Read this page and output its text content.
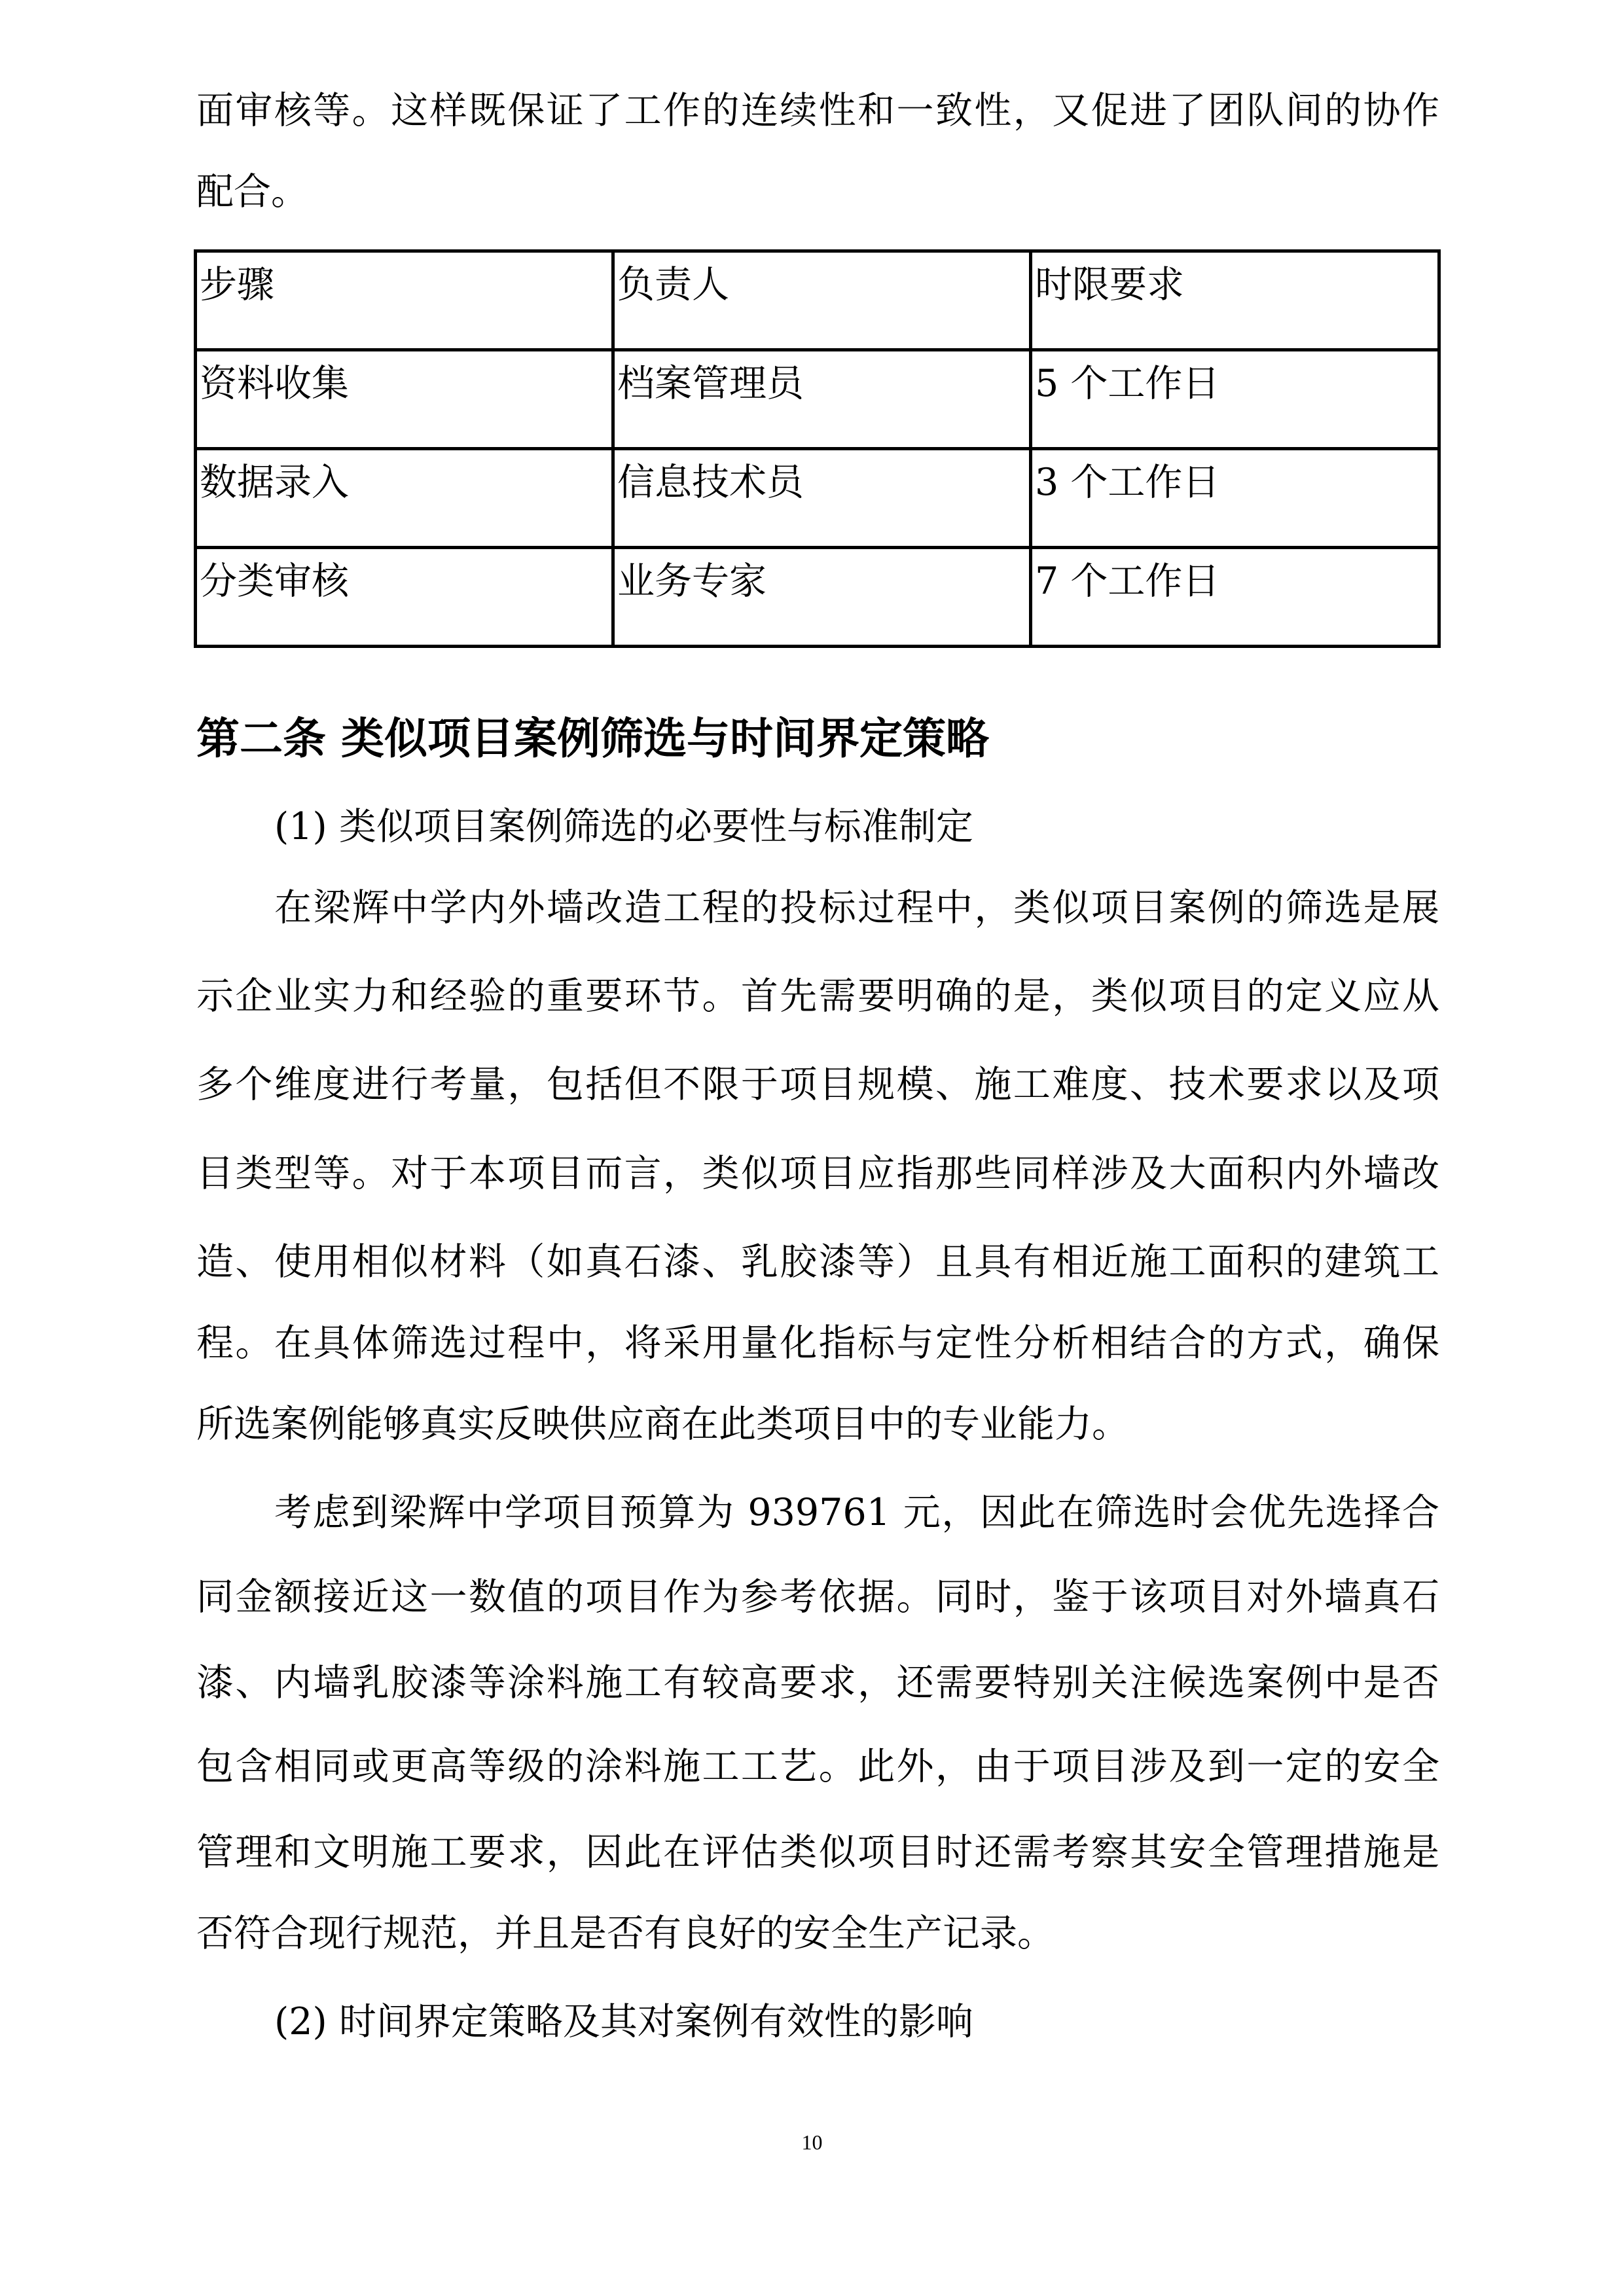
面审核等。这样既保证了工作的连续性和一致性，又促进了团队间的协作
配合。
步骤	负责人	时限要求
资料收集	档案管理员	5 个工作日
数据录入	信息技术员	3 个工作日
分类审核	业务专家	7 个工作日
第二条 类似项目案例筛选与时间界定策略
(1) 类似项目案例筛选的必要性与标准制定
在梁辉中学内外墙改造工程的投标过程中，类似项目案例的筛选是展
示企业实力和经验的重要环节。首先需要明确的是，类似项目的定义应从
多个维度进行考量，包括但不限于项目规模、施工难度、技术要求以及项
目类型等。对于本项目而言，类似项目应指那些同样涉及大面积内外墙改
造、使用相似材料（如真石漆、乳胶漆等）且具有相近施工面积的建筑工
程。在具体筛选过程中，将采用量化指标与定性分析相结合的方式，确保
所选案例能够真实反映供应商在此类项目中的专业能力。
考虑到梁辉中学项目预算为 939761 元，因此在筛选时会优先选择合
同金额接近这一数值的项目作为参考依据。同时，鉴于该项目对外墙真石
漆、内墙乳胶漆等涂料施工有较高要求，还需要特别关注候选案例中是否
包含相同或更高等级的涂料施工工艺。此外，由于项目涉及到一定的安全
管理和文明施工要求，因此在评估类似项目时还需考察其安全管理措施是
否符合现行规范，并且是否有良好的安全生产记录。
(2) 时间界定策略及其对案例有效性的影响
10
